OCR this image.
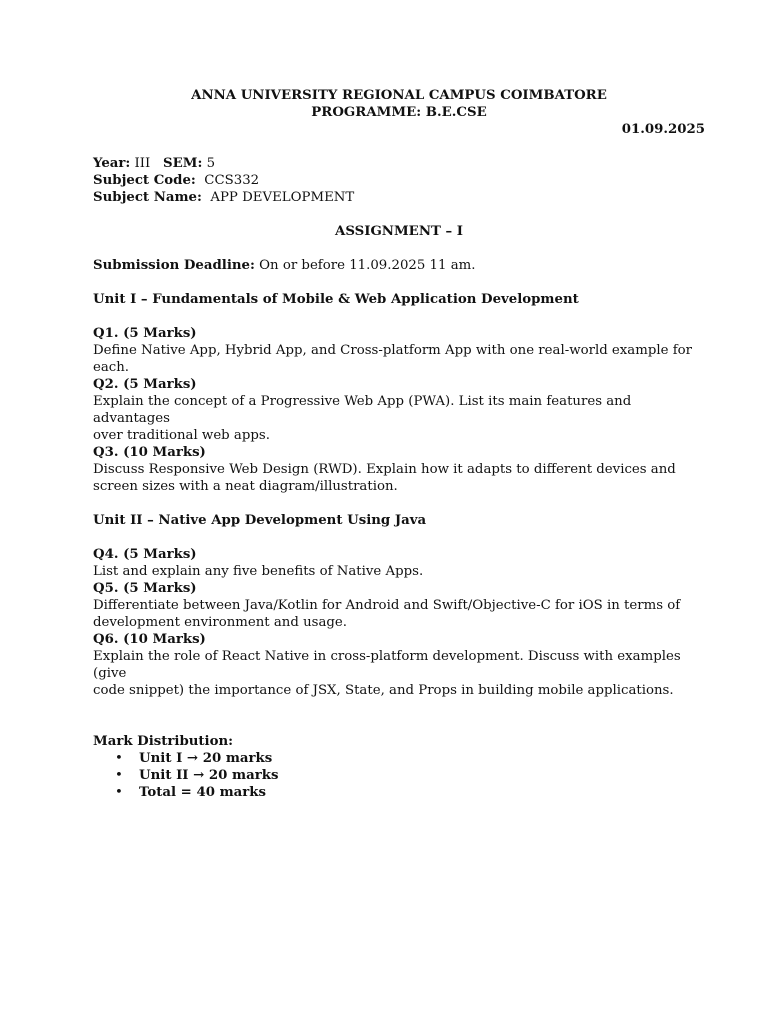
ANNA UNIVERSITY REGIONAL CAMPUS COIMBATORE
PROGRAMME: B.E.CSE
01.09.2025
Year: III SEM: 5
Subject Code:  CCS332
Subject Name:  APP DEVELOPMENT
ASSIGNMENT – I
Submission Deadline: On or before 11.09.2025 11 am.
Unit I – Fundamentals of Mobile & Web Application Development
Q1. (5 Marks)
Define Native App, Hybrid App, and Cross-platform App with one real-world example for
each.
Q2. (5 Marks)
Explain the concept of a Progressive Web App (PWA). List its main features and advantages
over traditional web apps.
Q3. (10 Marks)
Discuss Responsive Web Design (RWD). Explain how it adapts to different devices and
screen sizes with a neat diagram/illustration.
Unit II – Native App Development Using Java
Q4. (5 Marks)
List and explain any five benefits of Native Apps.
Q5. (5 Marks)
Differentiate between Java/Kotlin for Android and Swift/Objective-C for iOS in terms of
development environment and usage.
Q6. (10 Marks)
Explain the role of React Native in cross-platform development. Discuss with examples (give
code snippet) the importance of JSX, State, and Props in building mobile applications.
Mark Distribution:
• Unit I → 20 marks
• Unit II → 20 marks
• Total = 40 marks
